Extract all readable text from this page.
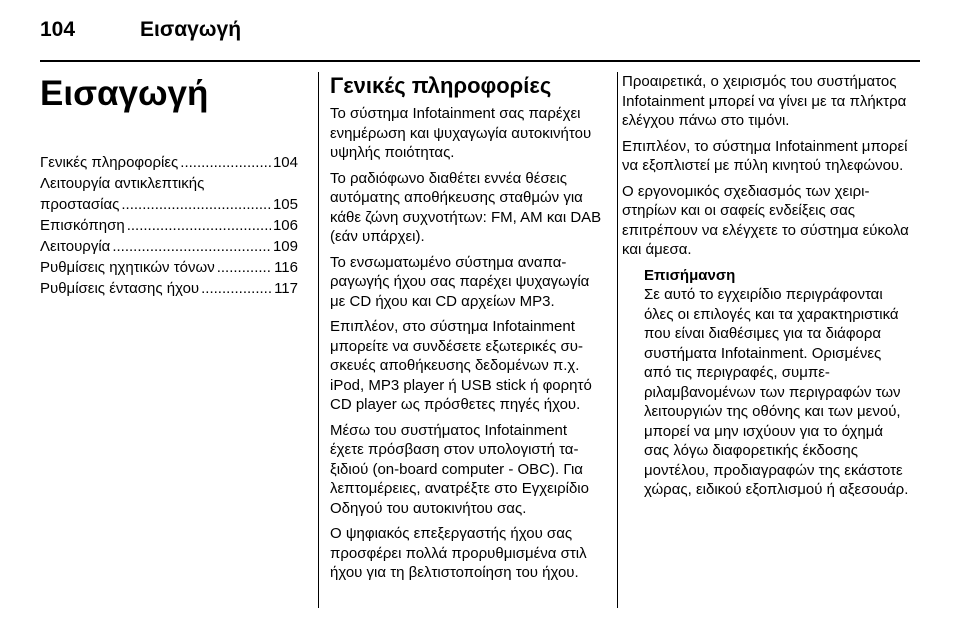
104	Εισαγωγή
Εισαγωγή
Γενικές πληροφορίες .....	104
Λειτουργία αντικλεπτικής
προστασίας .....	105
Επισκόπηση .....	106
Λειτουργία .....	109
Ρυθμίσεις ηχητικών τόνων .....	116
Ρυθμίσεις έντασης ήχου .....	117
Γενικές πληροφορίες

Το σύστημα Infotainment σας παρέχει ενημέρωση και ψυχαγωγία αυτοκινήτου υψηλής ποιότητας.

Το ραδιόφωνο διαθέτει εννέα θέσεις αυτόματης αποθήκευσης σταθμών για κάθε ζώνη συχνοτήτων: FM, AM και DAB (εάν υπάρχει).

Το ενσωματωμένο σύστημα αναπαραγωγής ήχου σας παρέχει ψυχαγωγία με CD ήχου και CD αρχείων MP3.

Επιπλέον, στο σύστημα Infotainment μπορείτε να συνδέσετε εξωτερικές συσκευές αποθήκευσης δεδομένων π.χ. iPod, MP3 player ή USB stick ή φορητό CD player ως πρόσθετες πηγές ήχου.

Μέσω του συστήματος Infotainment έχετε πρόσβαση στον υπολογιστή ταξιδιού (on-board computer - OBC). Για λεπτομέρειες, ανατρέξτε στο Εγχειρίδιο Οδηγού του αυτοκινήτου σας.

Ο ψηφιακός επεξεργαστής ήχου σας προσφέρει πολλά προρυθμισμένα στιλ ήχου για τη βελτιστοποίηση του ήχου.

Προαιρετικά, ο χειρισμός του συστήματος Infotainment μπορεί να γίνει με τα πλήκτρα ελέγχου πάνω στο τιμόνι.

Επιπλέον, το σύστημα Infotainment μπορεί να εξοπλιστεί με πύλη κινητού τηλεφώνου.

Ο εργονομικός σχεδιασμός των χειριστηρίων και οι σαφείς ενδείξεις σας επιτρέπουν να ελέγχετε το σύστημα εύκολα και άμεσα.

Επισήμανση

Σε αυτό το εγχειρίδιο περιγράφονται όλες οι επιλογές και τα χαρακτηριστικά που είναι διαθέσιμες για τα διάφορα συστήματα Infotainment. Ορισμένες από τις περιγραφές, συμπεριλαμβανομένων των περιγραφών των λειτουργιών της οθόνης και των μενού, μπορεί να μην ισχύουν για το όχημά σας λόγω διαφορετικής έκδοσης μοντέλου, προδιαγραφών της εκάστοτε χώρας, ειδικού εξοπλισμού ή αξεσουάρ.
